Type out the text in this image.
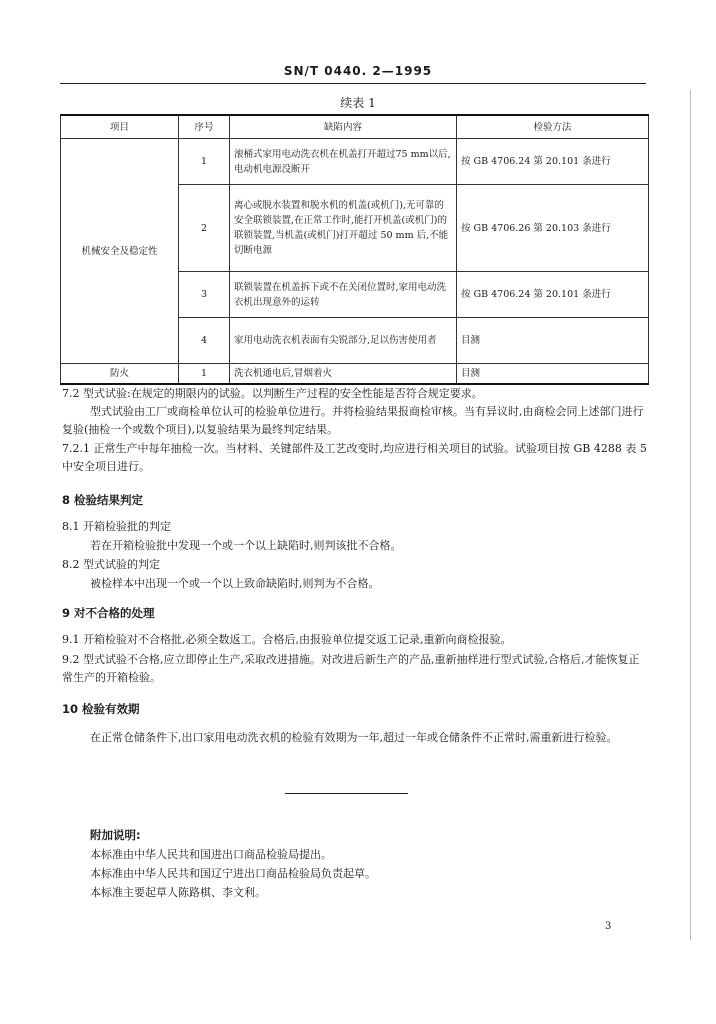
SN/T 0440. 2—1995
续表 1
项目	序号	缺陷内容	检验方法
机械安全及稳定性	1	滚桶式家用电动洗衣机在机盖打开超过75 mm以后,电动机电源没断开	按 GB 4706.24 第 20.101 条进行
	2	离心或脱水装置和脱水机的机盖(或机门),无可靠的安全联锁装置,在正常工作时,能打开机盖(或机门)的联锁装置,当机盖(或机门)打开超过 50 mm 后,不能切断电源	按 GB 4706.26 第 20.103 条进行
	3	联锁装置在机盖拆下或不在关闭位置时,家用电动洗衣机出现意外的运转	按 GB 4706.24 第 20.101 条进行
	4	家用电动洗衣机表面有尖锐部分,足以伤害使用者	目测
防火	1	洗衣机通电后,冒烟着火	目测
7.2 型式试验:在规定的期限内的试验。以判断生产过程的安全性能是否符合规定要求。
型式试验由工厂或商检单位认可的检验单位进行。并将检验结果报商检审核。当有异议时,由商检会同上述部门进行复验(抽检一个或数个项目),以复验结果为最终判定结果。
7.2.1 正常生产中每年抽检一次。当材料、关键部件及工艺改变时,均应进行相关项目的试验。试验项目按 GB 4288 表 5 中安全项目进行。
8 检验结果判定
8.1 开箱检验批的判定
若在开箱检验批中发现一个或一个以上缺陷时,则判该批不合格。
8.2 型式试验的判定
被检样本中出现一个或一个以上致命缺陷时,则判为不合格。
9 对不合格的处理
9.1 开箱检验对不合格批,必须全数返工。合格后,由报验单位提交返工记录,重新向商检报验。
9.2 型式试验不合格,应立即停止生产,采取改进措施。对改进后新生产的产品,重新抽样进行型式试验,合格后,才能恢复正常生产的开箱检验。
10 检验有效期
在正常仓储条件下,出口家用电动洗衣机的检验有效期为一年,超过一年或仓储条件不正常时,需重新进行检验。
附加说明:
本标准由中华人民共和国进出口商品检验局提出。
本标准由中华人民共和国辽宁进出口商品检验局负责起草。
本标准主要起草人陈路棋、李文利。
3
